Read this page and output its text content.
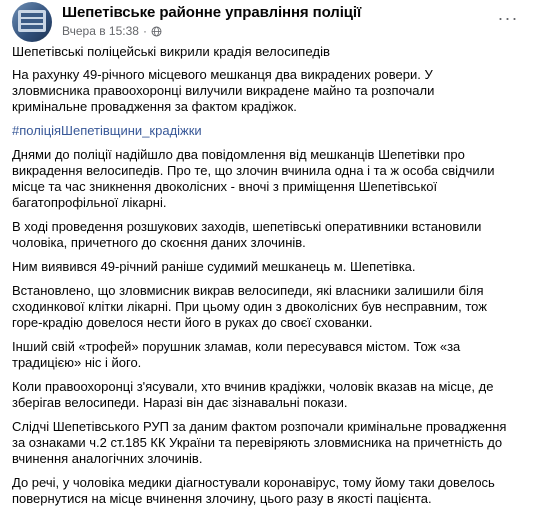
Шепетівське районне управління поліції
Вчера в 15:38 ·
···

Шепетівські поліцейські викрили крадія велосипедів

На рахунку 49-річного місцевого мешканця два викрадених ровери. У зловмисника правоохоронці вилучили викрадене майно та розпочали кримінальне провадження за фактом крадіжок.

#поліціяШепетівщини_крадіжки

Днями до поліції надійшло два повідомлення від мешканців Шепетівки про викрадення велосипедів. Про те, що злочин вчинила одна і та ж особа свідчили місце та час зникнення двоколісних - вночі з приміщення Шепетівської багатопрофільної лікарні.

В ході проведення розшукових заходів, шепетівські оперативники встановили чоловіка, причетного до скоєння даних злочинів.

Ним виявився 49-річний раніше судимий мешканець м. Шепетівка.

Встановлено, що зловмисник викрав велосипеди, які власники залишили біля сходинкової клітки лікарні. При цьому один з двоколісних був несправним, тож горе-крадію довелося нести його в руках до своєї схованки.

Інший свій «трофей» порушник зламав, коли пересувався містом. Тож «за традицією» ніс і його.

Коли правоохоронці з'ясували, хто вчинив крадіжки, чоловік вказав на місце, де зберігав велосипеди. Наразі він дає зізнавальні покази.

Слідчі Шепетівського РУП за даним фактом розпочали кримінальне провадження за ознаками ч.2 ст.185 КК України та перевіряють зловмисника на причетність до вчинення аналогічних злочинів.

До речі, у чоловіка медики діагностували коронавірус, тому йому таки довелось повернутися на місце вчинення злочину, цього разу в якості пацієнта.
